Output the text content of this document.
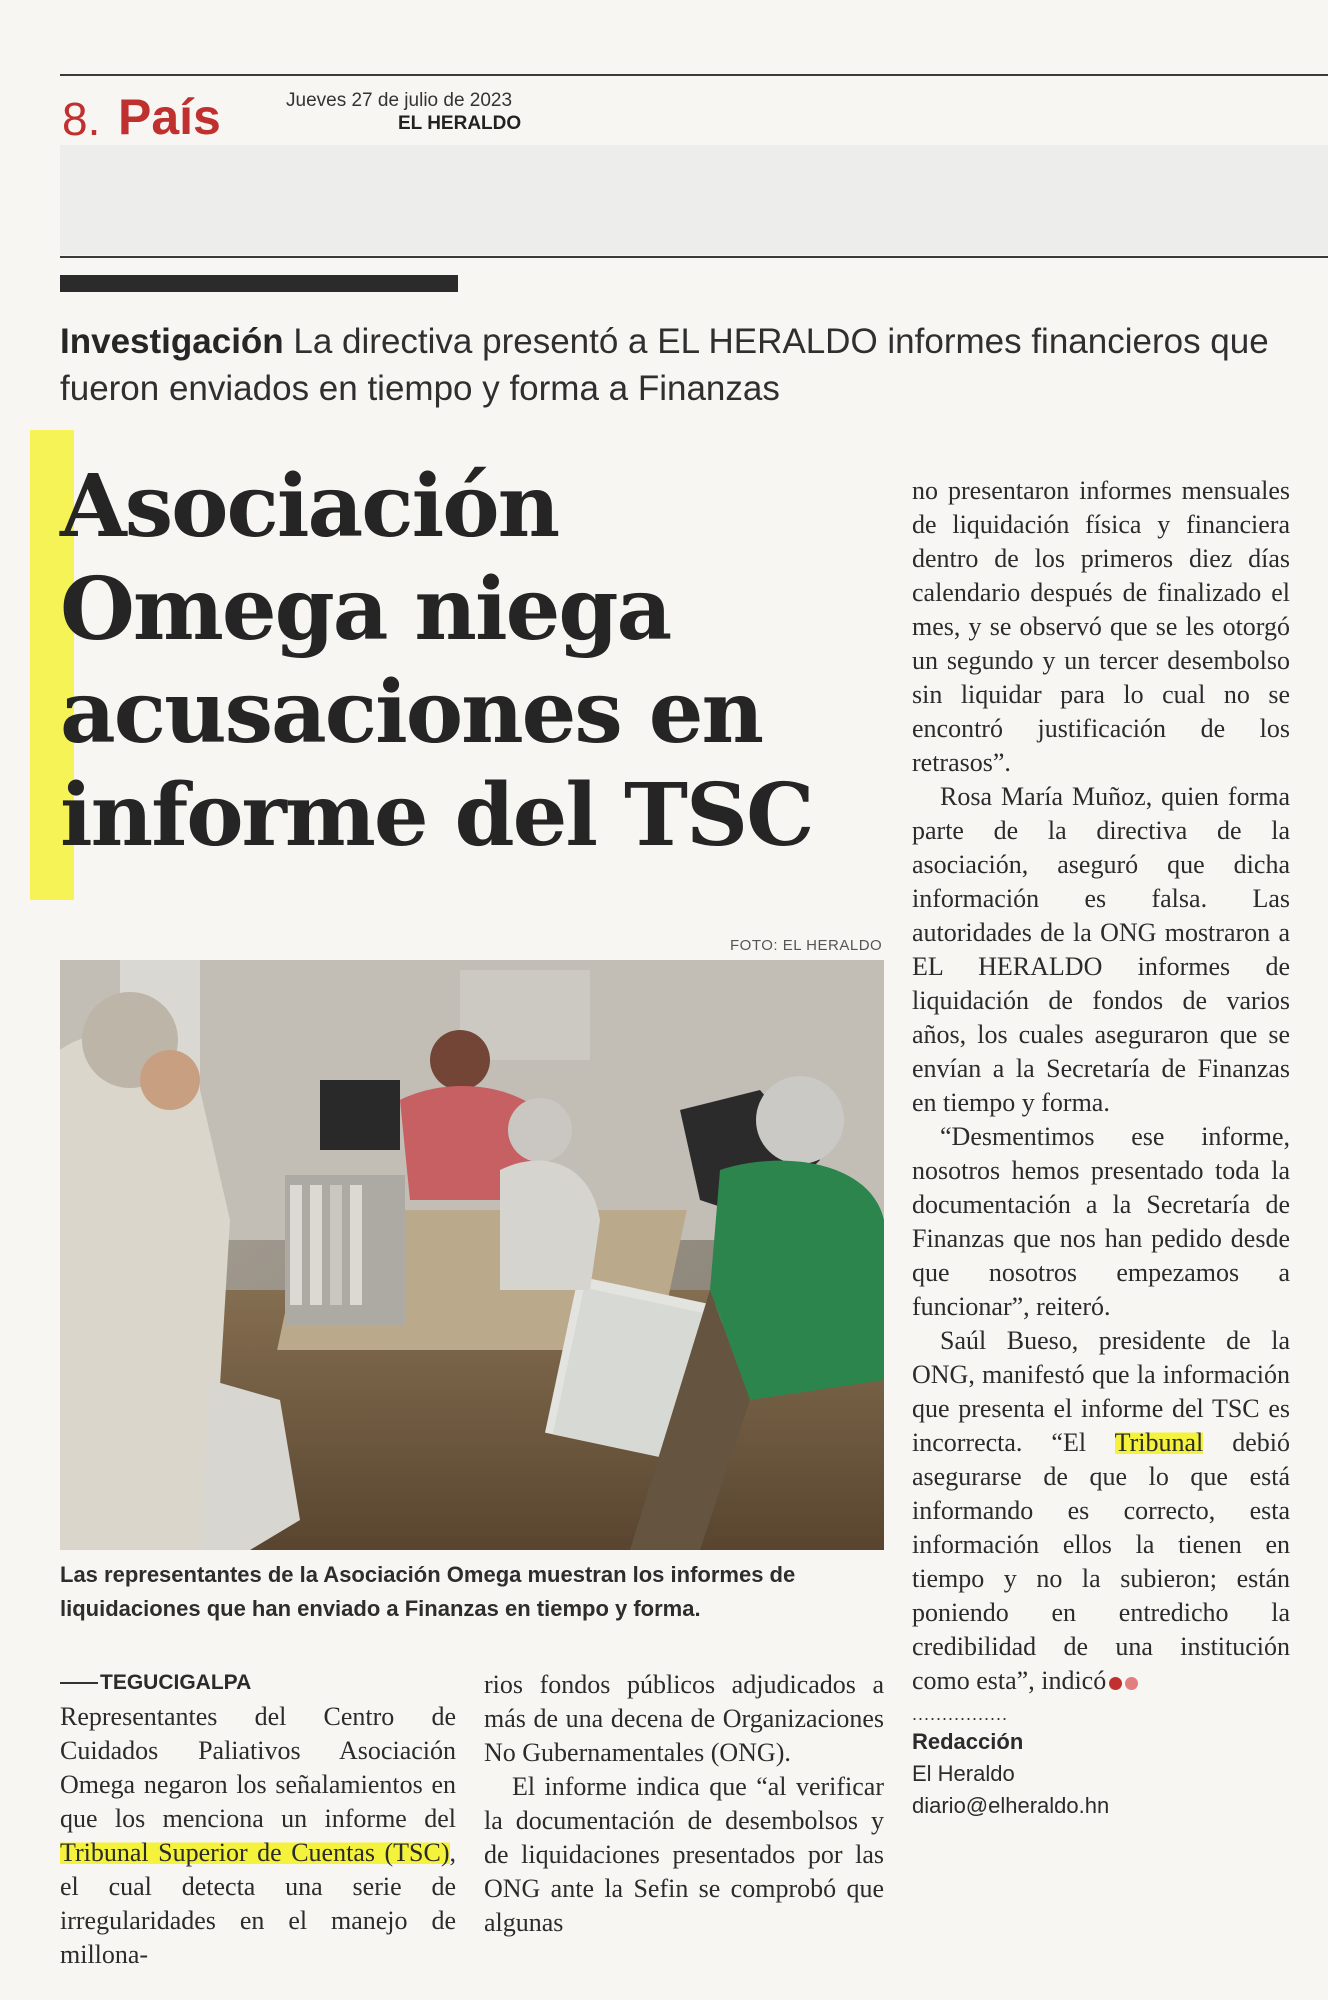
8. País	Jueves 27 de julio de 2023
EL HERALDO
Investigación La directiva presentó a EL HERALDO informes financieros que fueron enviados en tiempo y forma a Finanzas
Asociación
Omega niega
acusaciones en
informe del TSC
FOTO: EL HERALDO
Las representantes de la Asociación Omega muestran los informes de liquidaciones que han enviado a Finanzas en tiempo y forma.
TEGUCIGALPA

Representantes del Centro de Cuidados Paliativos Asociación Omega negaron los señalamientos en que los menciona un informe del Tribunal Superior de Cuentas (TSC), el cual detecta una serie de irregularidades en el manejo de millona-

rios fondos públicos adjudicados a más de una decena de Organizaciones No Gubernamentales (ONG).

El informe indica que “al verificar la documentación de desembolsos y de liquidaciones presentados por las ONG ante la Sefin se comprobó que algunas

no presentaron informes mensuales de liquidación física y financiera dentro de los primeros diez días calendario después de finalizado el mes, y se observó que se les otorgó un segundo y un tercer desembolso sin liquidar para lo cual no se encontró justificación de los retrasos”.

Rosa María Muñoz, quien forma parte de la directiva de la asociación, aseguró que dicha información es falsa. Las autoridades de la ONG mostraron a EL HERALDO informes de liquidación de fondos de varios años, los cuales aseguraron que se envían a la Secretaría de Finanzas en tiempo y forma.

“Desmentimos ese informe, nosotros hemos presentado toda la documentación a la Secretaría de Finanzas que nos han pedido desde que nosotros empezamos a funcionar”, reiteró.

Saúl Bueso, presidente de la ONG, manifestó que la información que presenta el informe del TSC es incorrecta. “El Tribunal debió asegurarse de que lo que está informando es correcto, esta información ellos la tienen en tiempo y no la subieron; están poniendo en entredicho la credibilidad de una institución como esta”, indicó

................
Redacción
El Heraldo
diario@elheraldo.hn
